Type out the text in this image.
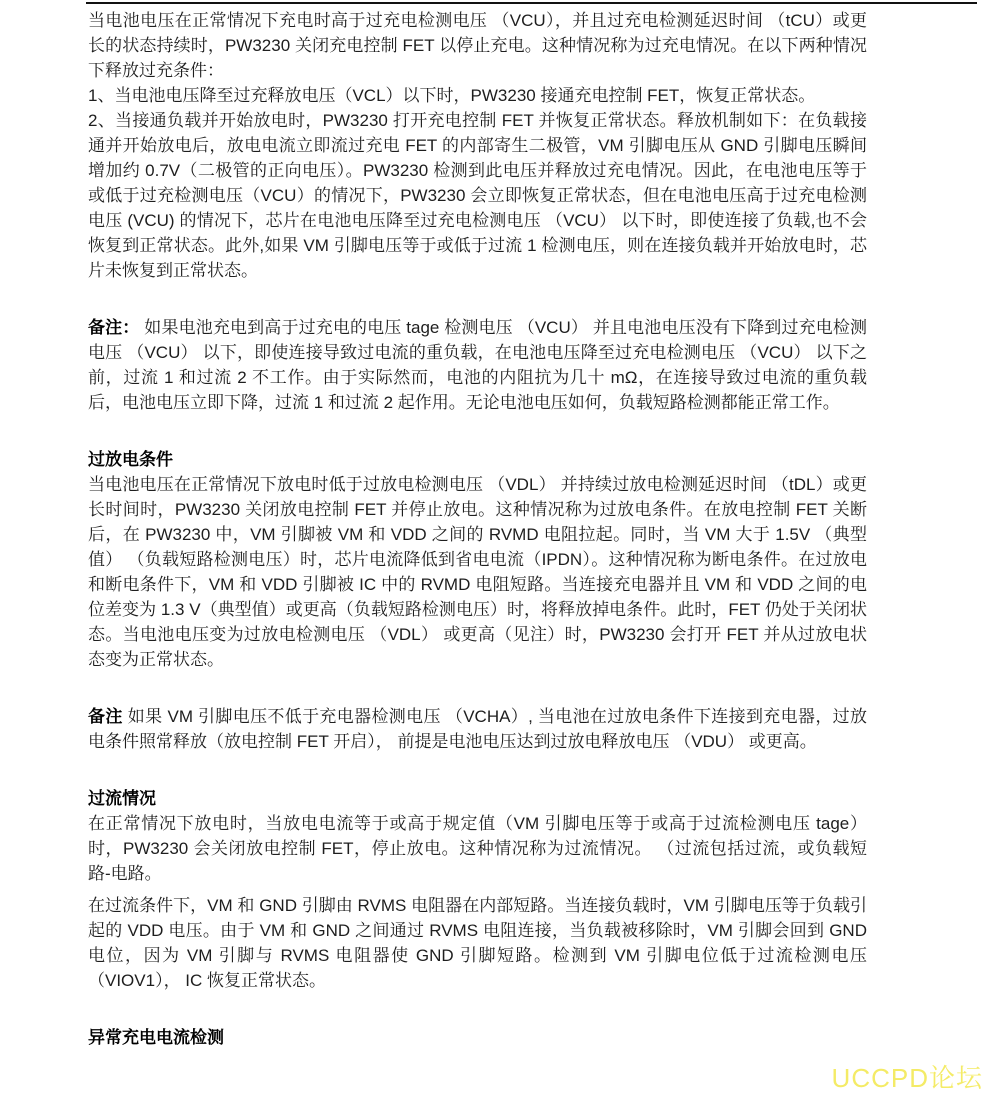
当电池电压在正常情况下充电时高于过充电检测电压 （VCU），并且过充电检测延迟时间 （tCU）或更长的状态持续时，PW3230 关闭充电控制 FET 以停止充电。这种情况称为过充电情况。在以下两种情况下释放过充条件：

1、当电池电压降至过充释放电压（VCL）以下时，PW3230 接通充电控制 FET，恢复正常状态。

2、当接通负载并开始放电时，PW3230 打开充电控制 FET 并恢复正常状态。释放机制如下：在负载接通并开始放电后，放电电流立即流过充电 FET 的内部寄生二极管，VM 引脚电压从 GND 引脚电压瞬间增加约 0.7V（二极管的正向电压）。PW3230 检测到此电压并释放过充电情况。因此，在电池电压等于或低于过充检测电压（VCU）的情况下，PW3230 会立即恢复正常状态，但在电池电压高于过充电检测电压 (VCU) 的情况下，芯片在电池电压降至过充电检测电压 （VCU） 以下时，即使连接了负载,也不会恢复到正常状态。此外,如果 VM 引脚电压等于或低于过流 1 检测电压，则在连接负载并开始放电时，芯片未恢复到正常状态。

备注： 如果电池充电到高于过充电的电压 tage 检测电压 （VCU） 并且电池电压没有下降到过充电检测电压 （VCU） 以下，即使连接导致过电流的重负载，在电池电压降至过充电检测电压 （VCU） 以下之前，过流 1 和过流 2 不工作。由于实际然而，电池的内阻抗为几十 mΩ，在连接导致过电流的重负载后，电池电压立即下降，过流 1 和过流 2 起作用。无论电池电压如何，负载短路检测都能正常工作。

过放电条件

当电池电压在正常情况下放电时低于过放电检测电压 （VDL） 并持续过放电检测延迟时间 （tDL）或更长时间时，PW3230 关闭放电控制 FET 并停止放电。这种情况称为过放电条件。在放电控制 FET 关断后，在 PW3230 中，VM 引脚被 VM 和 VDD 之间的 RVMD 电阻拉起。同时，当 VM 大于 1.5V （典型值） （负载短路检测电压）时，芯片电流降低到省电电流（IPDN）。这种情况称为断电条件。在过放电和断电条件下，VM 和 VDD 引脚被 IC 中的 RVMD 电阻短路。当连接充电器并且 VM 和 VDD 之间的电位差变为 1.3 V（典型值）或更高（负载短路检测电压）时，将释放掉电条件。此时，FET 仍处于关闭状态。当电池电压变为过放电检测电压 （VDL） 或更高（见注）时，PW3230 会打开 FET 并从过放电状态变为正常状态。

备注 如果 VM 引脚电压不低于充电器检测电压 （VCHA）, 当电池在过放电条件下连接到充电器，过放电条件照常释放（放电控制 FET 开启）， 前提是电池电压达到过放电释放电压 （VDU） 或更高。

过流情况

在正常情况下放电时，当放电电流等于或高于规定值（VM 引脚电压等于或高于过流检测电压 tage）时，PW3230 会关闭放电控制 FET，停止放电。这种情况称为过流情况。 （过流包括过流，或负载短路-电路。

在过流条件下，VM 和 GND 引脚由 RVMS 电阻器在内部短路。当连接负载时，VM 引脚电压等于负载引起的 VDD 电压。由于 VM 和 GND 之间通过 RVMS 电阻连接，当负载被移除时，VM 引脚会回到 GND 电位，因为 VM 引脚与 RVMS 电阻器使 GND 引脚短路。检测到 VM 引脚电位低于过流检测电压 （VIOV1）， IC 恢复正常状态。

异常充电电流检测
UCCPD论坛
